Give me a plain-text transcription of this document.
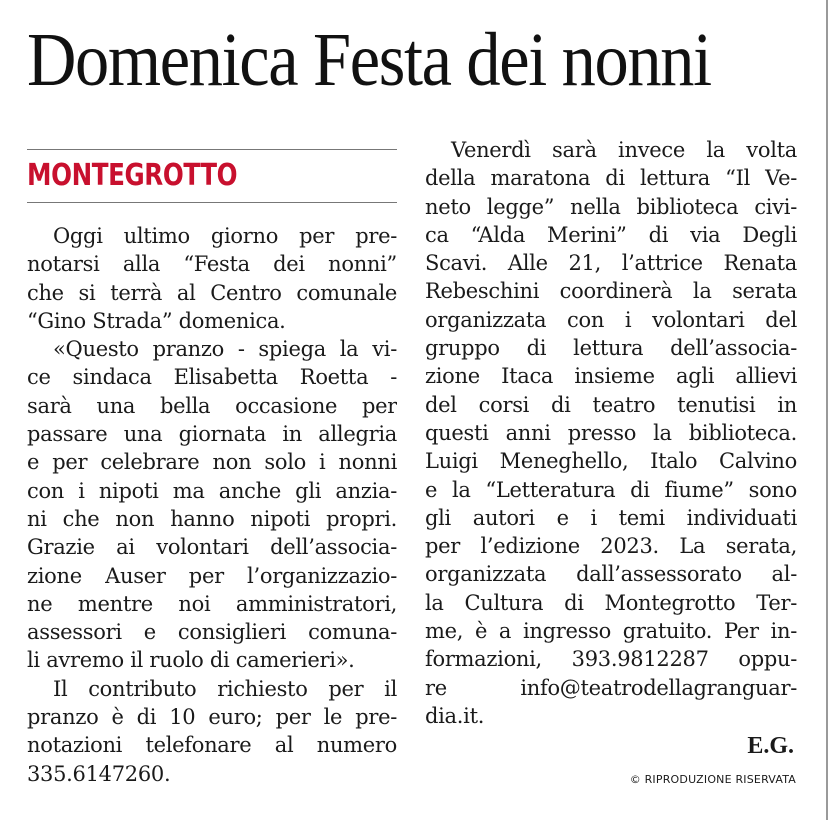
Domenica Festa dei nonni
MONTEGROTTO
Oggi ultimo giorno per pre-
notarsi alla “Festa dei nonni”
che si terrà al Centro comunale
“Gino Strada” domenica.
«Questo pranzo - spiega la vi-
ce sindaca Elisabetta Roetta -
sarà una bella occasione per
passare una giornata in allegria
e per celebrare non solo i nonni
con i nipoti ma anche gli anzia-
ni che non hanno nipoti propri.
Grazie ai volontari dell’associa-
zione Auser per l’organizzazio-
ne mentre noi amministratori,
assessori e consiglieri comuna-
li avremo il ruolo di camerieri».
Il contributo richiesto per il
pranzo è di 10 euro; per le pre-
notazioni telefonare al numero
335.6147260.
Venerdì sarà invece la volta
della maratona di lettura “Il Ve-
neto legge” nella biblioteca civi-
ca “Alda Merini” di via Degli
Scavi. Alle 21, l’attrice Renata
Rebeschini coordinerà la serata
organizzata con i volontari del
gruppo di lettura dell’associa-
zione Itaca insieme agli allievi
del corsi di teatro tenutisi in
questi anni presso la biblioteca.
Luigi Meneghello, Italo Calvino
e la “Letteratura di fiume” sono
gli autori e i temi individuati
per l’edizione 2023. La serata,
organizzata dall’assessorato al-
la Cultura di Montegrotto Ter-
me, è a ingresso gratuito. Per in-
formazioni, 393.9812287 oppu-
re info@teatrodellagranguar-
dia.it.
E.G.
© RIPRODUZIONE RISERVATA
